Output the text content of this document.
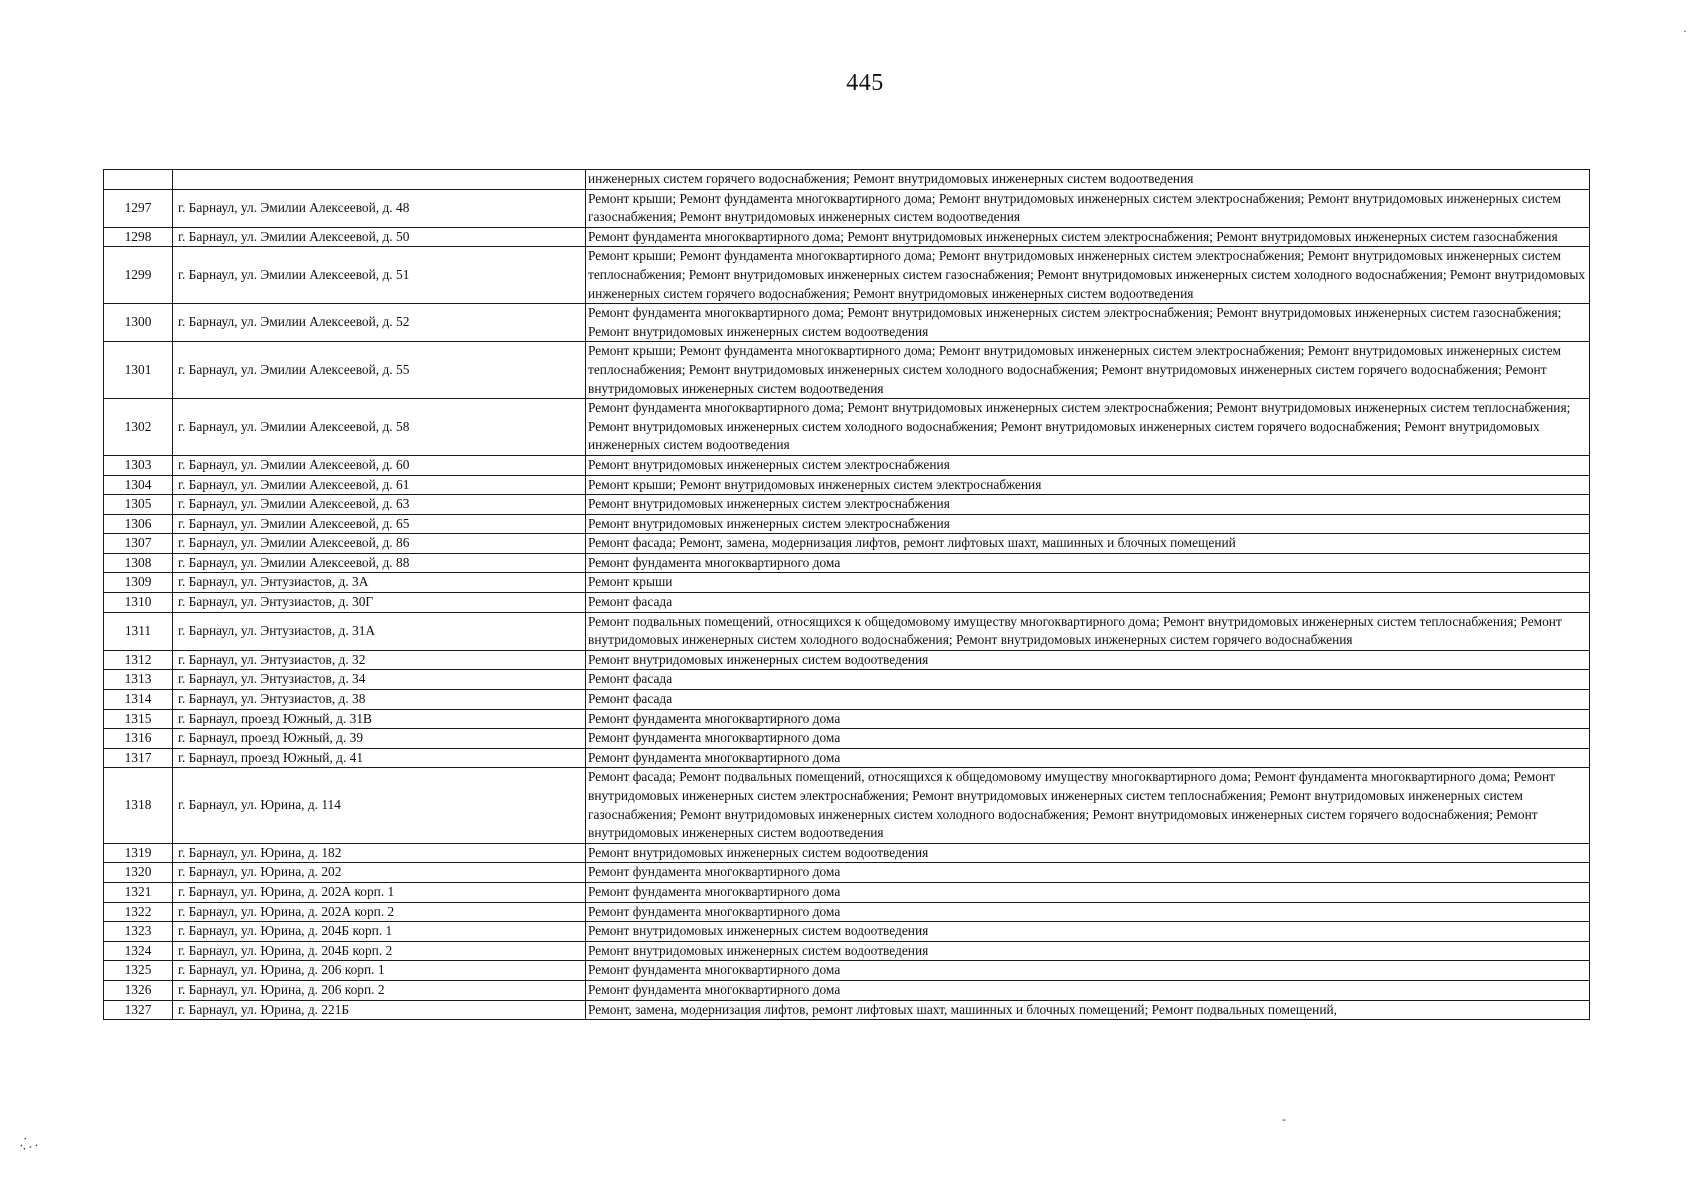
445
		инженерных систем горячего водоснабжения; Ремонт внутридомовых инженерных систем водоотведения
1297	г. Барнаул, ул. Эмилии Алексеевой, д. 48	Ремонт крыши; Ремонт фундамента многоквартирного дома; Ремонт внутридомовых инженерных систем электроснабжения; Ремонт внутридомовых инженерных систем газоснабжения; Ремонт внутридомовых инженерных систем водоотведения
1298	г. Барнаул, ул. Эмилии Алексеевой, д. 50	Ремонт фундамента многоквартирного дома; Ремонт внутридомовых инженерных систем электроснабжения; Ремонт внутридомовых инженерных систем газоснабжения
1299	г. Барнаул, ул. Эмилии Алексеевой, д. 51	Ремонт крыши; Ремонт фундамента многоквартирного дома; Ремонт внутридомовых инженерных систем электроснабжения; Ремонт внутридомовых инженерных систем теплоснабжения; Ремонт внутридомовых инженерных систем газоснабжения; Ремонт внутридомовых инженерных систем холодного водоснабжения; Ремонт внутридомовых инженерных систем горячего водоснабжения; Ремонт внутридомовых инженерных систем водоотведения
1300	г. Барнаул, ул. Эмилии Алексеевой, д. 52	Ремонт фундамента многоквартирного дома; Ремонт внутридомовых инженерных систем электроснабжения; Ремонт внутридомовых инженерных систем газоснабжения; Ремонт внутридомовых инженерных систем водоотведения
1301	г. Барнаул, ул. Эмилии Алексеевой, д. 55	Ремонт крыши; Ремонт фундамента многоквартирного дома; Ремонт внутридомовых инженерных систем электроснабжения; Ремонт внутридомовых инженерных систем теплоснабжения; Ремонт внутридомовых инженерных систем холодного водоснабжения; Ремонт внутридомовых инженерных систем горячего водоснабжения; Ремонт внутридомовых инженерных систем водоотведения
1302	г. Барнаул, ул. Эмилии Алексеевой, д. 58	Ремонт фундамента многоквартирного дома; Ремонт внутридомовых инженерных систем электроснабжения; Ремонт внутридомовых инженерных систем теплоснабжения; Ремонт внутридомовых инженерных систем холодного водоснабжения; Ремонт внутридомовых инженерных систем горячего водоснабжения; Ремонт внутридомовых инженерных систем водоотведения
1303	г. Барнаул, ул. Эмилии Алексеевой, д. 60	Ремонт внутридомовых инженерных систем электроснабжения
1304	г. Барнаул, ул. Эмилии Алексеевой, д. 61	Ремонт крыши; Ремонт внутридомовых инженерных систем электроснабжения
1305	г. Барнаул, ул. Эмилии Алексеевой, д. 63	Ремонт внутридомовых инженерных систем электроснабжения
1306	г. Барнаул, ул. Эмилии Алексеевой, д. 65	Ремонт внутридомовых инженерных систем электроснабжения
1307	г. Барнаул, ул. Эмилии Алексеевой, д. 86	Ремонт фасада; Ремонт, замена, модернизация лифтов, ремонт лифтовых шахт, машинных и блочных помещений
1308	г. Барнаул, ул. Эмилии Алексеевой, д. 88	Ремонт фундамента многоквартирного дома
1309	г. Барнаул, ул. Энтузиастов, д. 3А	Ремонт крыши
1310	г. Барнаул, ул. Энтузиастов, д. 30Г	Ремонт фасада
1311	г. Барнаул, ул. Энтузиастов, д. 31А	Ремонт подвальных помещений, относящихся к общедомовому имуществу многоквартирного дома; Ремонт внутридомовых инженерных систем теплоснабжения; Ремонт внутридомовых инженерных систем холодного водоснабжения; Ремонт внутридомовых инженерных систем горячего водоснабжения
1312	г. Барнаул, ул. Энтузиастов, д. 32	Ремонт внутридомовых инженерных систем водоотведения
1313	г. Барнаул, ул. Энтузиастов, д. 34	Ремонт фасада
1314	г. Барнаул, ул. Энтузиастов, д. 38	Ремонт фасада
1315	г. Барнаул, проезд Южный, д. 31В	Ремонт фундамента многоквартирного дома
1316	г. Барнаул, проезд Южный, д. 39	Ремонт фундамента многоквартирного дома
1317	г. Барнаул, проезд Южный, д. 41	Ремонт фундамента многоквартирного дома
1318	г. Барнаул, ул. Юрина, д. 114	Ремонт фасада; Ремонт подвальных помещений, относящихся к общедомовому имуществу многоквартирного дома; Ремонт фундамента многоквартирного дома; Ремонт внутридомовых инженерных систем электроснабжения; Ремонт внутридомовых инженерных систем теплоснабжения; Ремонт внутридомовых инженерных систем газоснабжения; Ремонт внутридомовых инженерных систем холодного водоснабжения; Ремонт внутридомовых инженерных систем горячего водоснабжения; Ремонт внутридомовых инженерных систем водоотведения
1319	г. Барнаул, ул. Юрина, д. 182	Ремонт внутридомовых инженерных систем водоотведения
1320	г. Барнаул, ул. Юрина, д. 202	Ремонт фундамента многоквартирного дома
1321	г. Барнаул, ул. Юрина, д. 202А корп. 1	Ремонт фундамента многоквартирного дома
1322	г. Барнаул, ул. Юрина, д. 202А корп. 2	Ремонт фундамента многоквартирного дома
1323	г. Барнаул, ул. Юрина, д. 204Б корп. 1	Ремонт внутридомовых инженерных систем водоотведения
1324	г. Барнаул, ул. Юрина, д. 204Б корп. 2	Ремонт внутридомовых инженерных систем водоотведения
1325	г. Барнаул, ул. Юрина, д. 206 корп. 1	Ремонт фундамента многоквартирного дома
1326	г. Барнаул, ул. Юрина, д. 206 корп. 2	Ремонт фундамента многоквартирного дома
1327	г. Барнаул, ул. Юрина, д. 221Б	Ремонт, замена, модернизация лифтов, ремонт лифтовых шахт, машинных и блочных помещений; Ремонт подвальных помещений,
·
-
⁚⋰
